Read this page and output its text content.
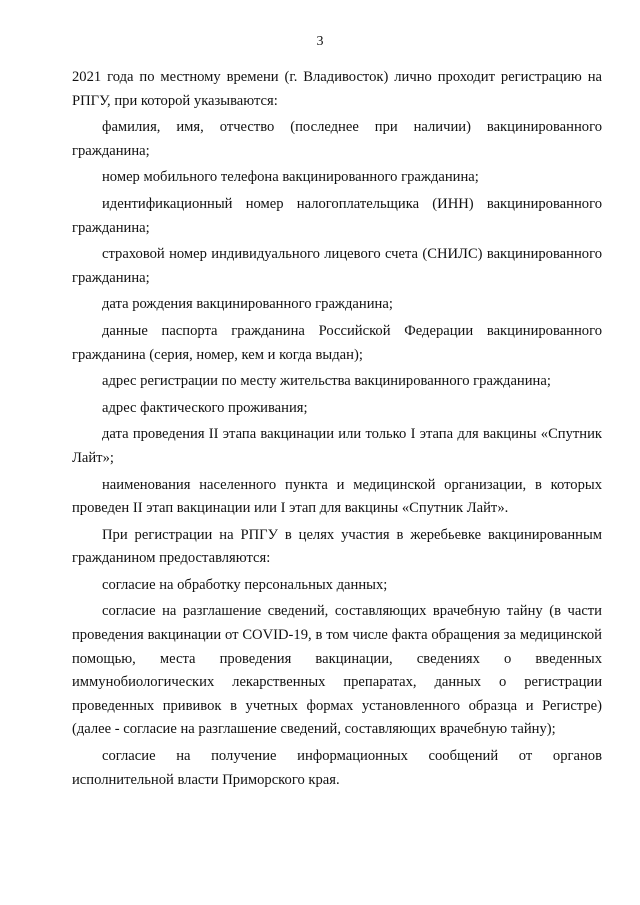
3

2021 года по местному времени (г. Владивосток) лично проходит регистрацию на РПГУ, при которой указываются:

фамилия, имя, отчество (последнее при наличии) вакцинированного гражданина;

номер мобильного телефона вакцинированного гражданина;

идентификационный номер налогоплательщика (ИНН) вакцинированного гражданина;

страховой номер индивидуального лицевого счета (СНИЛС) вакцинированного гражданина;

дата рождения вакцинированного гражданина;

данные паспорта гражданина Российской Федерации вакцинированного гражданина (серия, номер, кем и когда выдан);

адрес регистрации по месту жительства вакцинированного гражданина;

адрес фактического проживания;

дата проведения II этапа вакцинации или только I этапа для вакцины «Спутник Лайт»;

наименования населенного пункта и медицинской организации, в которых проведен II этап вакцинации или I этап для вакцины «Спутник Лайт».

При регистрации на РПГУ в целях участия в жеребьевке вакцинированным гражданином предоставляются:

согласие на обработку персональных данных;

согласие на разглашение сведений, составляющих врачебную тайну (в части проведения вакцинации от COVID-19, в том числе факта обращения за медицинской помощью, места проведения вакцинации, сведениях о введенных иммунобиологических лекарственных препаратах, данных о регистрации проведенных прививок в учетных формах установленного образца и Регистре) (далее - согласие на разглашение сведений, составляющих врачебную тайну);

согласие на получение информационных сообщений от органов исполнительной власти Приморского края.
